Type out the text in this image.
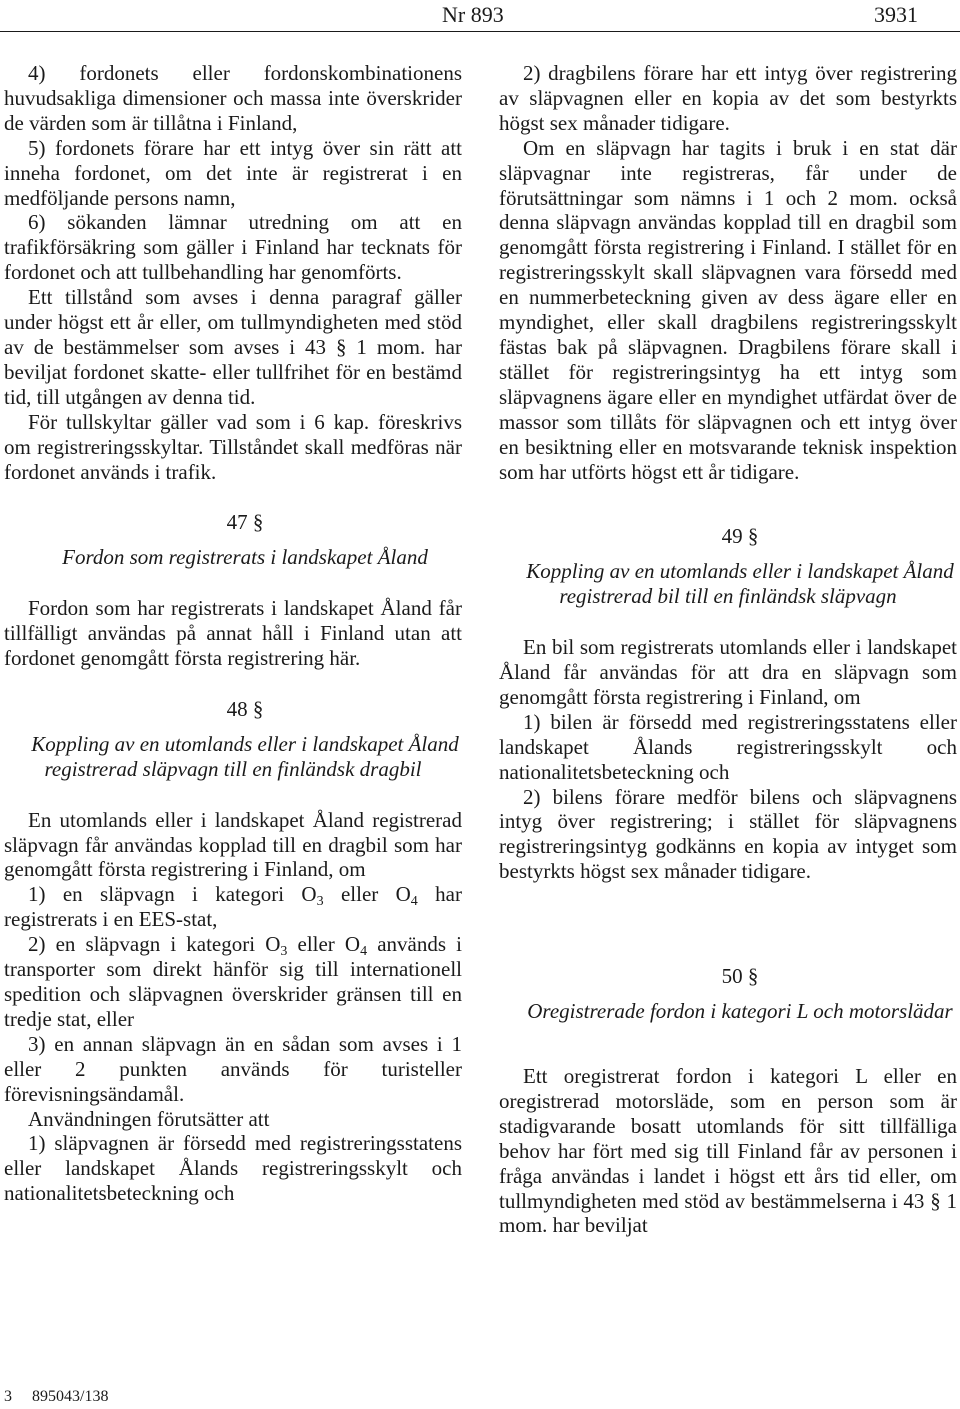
Nr 893	3931

4) fordonets eller fordonskombinationens huvudsakliga dimensioner och massa inte överskrider de värden som är tillåtna i Finland,

5) fordonets förare har ett intyg över sin rätt att inneha fordonet, om det inte är registrerat i en medföljande persons namn,

6) sökanden lämnar utredning om att en trafikförsäkring som gäller i Finland har tecknats för fordonet och att tullbehandling har genomförts.

Ett tillstånd som avses i denna paragraf gäller under högst ett år eller, om tullmyndigheten med stöd av de bestämmelser som avses i 43 § 1 mom. har beviljat fordonet skatte- eller tullfrihet för en bestämd tid, till utgången av denna tid.

För tullskyltar gäller vad som i 6 kap. föreskrivs om registreringsskyltar. Tillståndet skall medföras när fordonet används i trafik.

47 §

Fordon som registrerats i landskapet Åland

Fordon som har registrerats i landskapet Åland får tillfälligt användas på annat håll i Finland utan att fordonet genomgått första registrering här.

48 §

Koppling av en utomlands eller i landskapet Åland registrerad släpvagn till en finländsk dragbil

En utomlands eller i landskapet Åland registrerad släpvagn får användas kopplad till en dragbil som har genomgått första registrering i Finland, om

1) en släpvagn i kategori $O_3$ eller $O_4$ har registrerats i en EES-stat,

2) en släpvagn i kategori $O_3$ eller $O_4$ används i transporter som direkt hänför sig till internationell spedition och släpvagnen överskrider gränsen till en tredje stat, eller

3) en annan släpvagn än en sådan som avses i 1 eller 2 punkten används för turisteller förevisningsändamål.

Användningen förutsätter att

1) släpvagnen är försedd med registreringsstatens eller landskapet Ålands registreringsskylt och nationalitetsbeteckning och

2) dragbilens förare har ett intyg över registrering av släpvagnen eller en kopia av det som bestyrkts högst sex månader tidigare.

Om en släpvagn har tagits i bruk i en stat där släpvagnar inte registreras, får under de förutsättningar som nämns i 1 och 2 mom. också denna släpvagn användas kopplad till en dragbil som genomgått första registrering i Finland. I stället för en registreringsskylt skall släpvagnen vara försedd med en nummerbeteckning given av dess ägare eller en myndighet, eller skall dragbilens registreringsskylt fästas bak på släpvagnen. Dragbilens förare skall i stället för registreringsintyg ha ett intyg som släpvagnens ägare eller en myndighet utfärdat över de massor som tillåts för släpvagnen och ett intyg över en besiktning eller en motsvarande teknisk inspektion som har utförts högst ett år tidigare.

49 §

Koppling av en utomlands eller i landskapet Åland registrerad bil till en finländsk släpvagn

En bil som registrerats utomlands eller i landskapet Åland får användas för att dra en släpvagn som genomgått första registrering i Finland, om

1) bilen är försedd med registreringsstatens eller landskapet Ålands registreringsskylt och nationalitetsbeteckning och

2) bilens förare medför bilens och släpvagnens intyg över registrering; i stället för släpvagnens registreringsintyg godkänns en kopia av intyget som bestyrkts högst sex månader tidigare.

50 §

Oregistrerade fordon i kategori L och motorslädar

Ett oregistrerat fordon i kategori L eller en oregistrerad motorsläde, som en person som är stadigvarande bosatt utomlands för sitt tillfälliga behov har fört med sig till Finland får av personen i fråga användas i landet i högst ett års tid eller, om tullmyndigheten med stöd av bestämmelserna i 43 § 1 mom. har beviljat

3 895043/138
